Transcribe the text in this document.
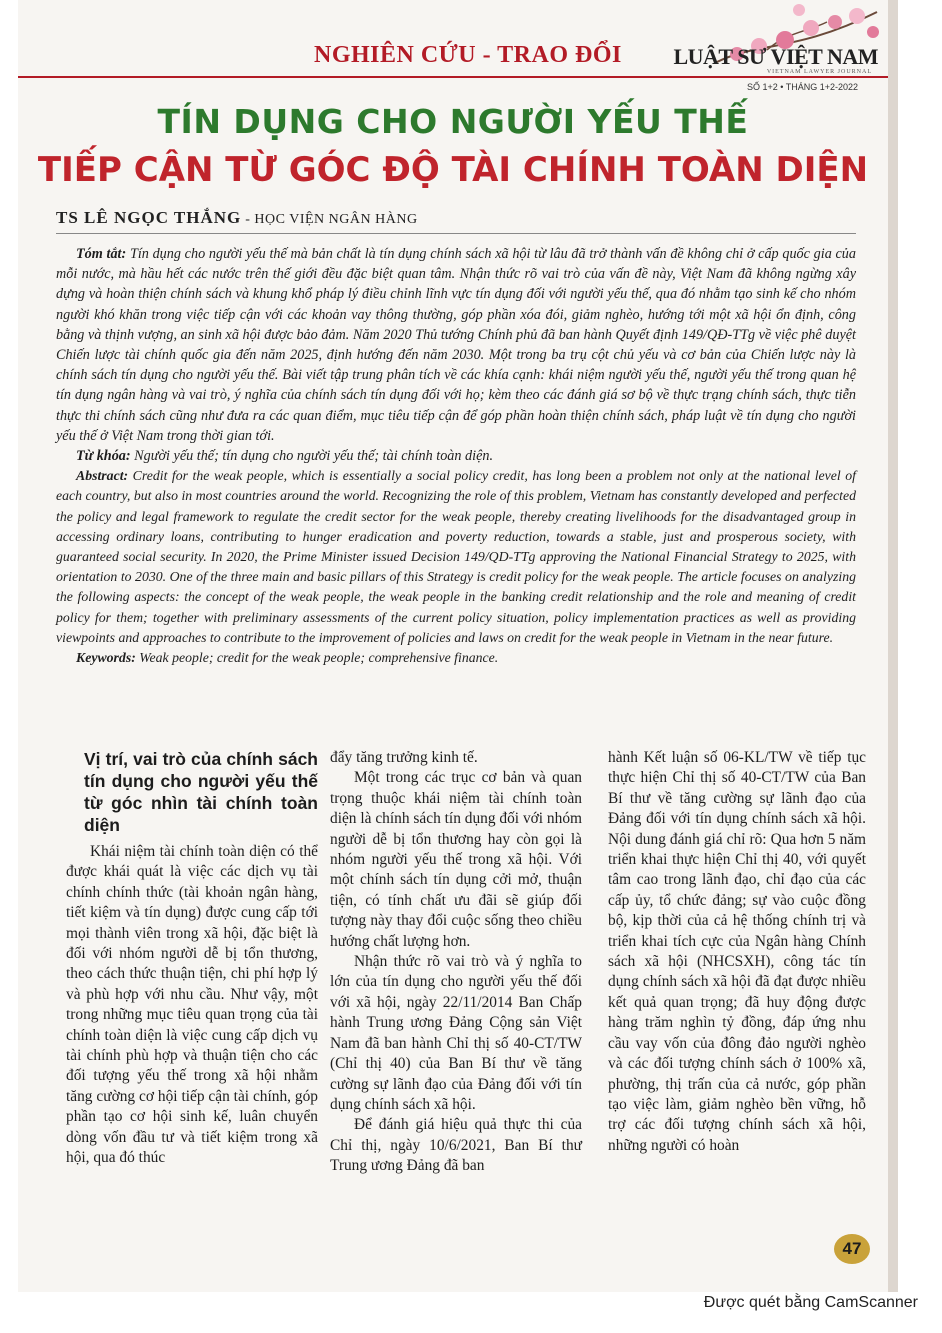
NGHIÊN CỨU - TRAO ĐỔI LUẬT SƯ VIỆT NAM
VIETNAM LAWYER JOURNAL
SỐ 1+2 • THÁNG 1+2-2022
TÍN DỤNG CHO NGƯỜI YẾU THẾ
TIẾP CẬN TỪ GÓC ĐỘ TÀI CHÍNH TOÀN DIỆN
TS LÊ NGỌC THẮNG - HỌC VIỆN NGÂN HÀNG

Tóm tắt: Tín dụng cho người yếu thế mà bản chất là tín dụng chính sách xã hội từ lâu đã trở thành vấn đề không chỉ ở cấp quốc gia của mỗi nước, mà hầu hết các nước trên thế giới đều đặc biệt quan tâm. Nhận thức rõ vai trò của vấn đề này, Việt Nam đã không ngừng xây dựng và hoàn thiện chính sách và khung khổ pháp lý điều chỉnh lĩnh vực tín dụng đối với người yếu thế, qua đó nhằm tạo sinh kế cho nhóm người khó khăn trong việc tiếp cận với các khoản vay thông thường, góp phần xóa đói, giảm nghèo, hướng tới một xã hội ổn định, công bằng và thịnh vượng, an sinh xã hội được bảo đảm. Năm 2020 Thủ tướng Chính phủ đã ban hành Quyết định 149/QĐ-TTg về việc phê duyệt Chiến lược tài chính quốc gia đến năm 2025, định hướng đến năm 2030. Một trong ba trụ cột chủ yếu và cơ bản của Chiến lược này là chính sách tín dụng cho người yếu thế. Bài viết tập trung phân tích về các khía cạnh: khái niệm người yếu thế, người yếu thế trong quan hệ tín dụng ngân hàng và vai trò, ý nghĩa của chính sách tín dụng đối với họ; kèm theo các đánh giá sơ bộ về thực trạng chính sách, thực tiễn thực thi chính sách cũng như đưa ra các quan điểm, mục tiêu tiếp cận để góp phần hoàn thiện chính sách, pháp luật về tín dụng cho người yếu thế ở Việt Nam trong thời gian tới.

Từ khóa: Người yếu thế; tín dụng cho người yếu thế; tài chính toàn diện.

Abstract: Credit for the weak people, which is essentially a social policy credit, has long been a problem not only at the national level of each country, but also in most countries around the world. Recognizing the role of this problem, Vietnam has constantly developed and perfected the policy and legal framework to regulate the credit sector for the weak people, thereby creating livelihoods for the disadvantaged group in accessing ordinary loans, contributing to hunger eradication and poverty reduction, towards a stable, just and prosperous society, with guaranteed social security. In 2020, the Prime Minister issued Decision 149/QD-TTg approving the National Financial Strategy to 2025, with orientation to 2030. One of the three main and basic pillars of this Strategy is credit policy for the weak people. The article focuses on analyzing the following aspects: the concept of the weak people, the weak people in the banking credit relationship and the role and meaning of credit policy for them; together with preliminary assessments of the current policy situation, policy implementation practices as well as providing viewpoints and approaches to contribute to the improvement of policies and laws on credit for the weak people in Vietnam in the near future.

Keywords: Weak people; credit for the weak people; comprehensive finance.

Vị trí, vai trò của chính sách tín dụng cho người yếu thế từ góc nhìn tài chính toàn diện

Khái niệm tài chính toàn diện có thể được khái quát là việc các dịch vụ tài chính chính thức (tài khoản ngân hàng, tiết kiệm và tín dụng) được cung cấp tới mọi thành viên trong xã hội, đặc biệt là đối với nhóm người dễ bị tổn thương, theo cách thức thuận tiện, chi phí hợp lý và phù hợp với nhu cầu. Như vậy, một trong những mục tiêu quan trọng của tài chính toàn diện là việc cung cấp dịch vụ tài chính phù hợp và thuận tiện cho các đối tượng yếu thế trong xã hội nhằm tăng cường cơ hội tiếp cận tài chính, góp phần tạo cơ hội sinh kế, luân chuyển dòng vốn đầu tư và tiết kiệm trong xã hội, qua đó thúc

đẩy tăng trưởng kinh tế.

Một trong các trục cơ bản và quan trọng thuộc khái niệm tài chính toàn diện là chính sách tín dụng đối với nhóm người dễ bị tổn thương hay còn gọi là nhóm người yếu thế trong xã hội. Với một chính sách tín dụng cởi mở, thuận tiện, có tính chất ưu đãi sẽ giúp đối tượng này thay đổi cuộc sống theo chiều hướng chất lượng hơn.

Nhận thức rõ vai trò và ý nghĩa to lớn của tín dụng cho người yếu thế đối với xã hội, ngày 22/11/2014 Ban Chấp hành Trung ương Đảng Cộng sản Việt Nam đã ban hành Chỉ thị số 40-CT/TW (Chỉ thị 40) của Ban Bí thư về tăng cường sự lãnh đạo của Đảng đối với tín dụng chính sách xã hội.

Để đánh giá hiệu quả thực thi của Chỉ thị, ngày 10/6/2021, Ban Bí thư Trung ương Đảng đã ban

hành Kết luận số 06-KL/TW về tiếp tục thực hiện Chỉ thị số 40-CT/TW của Ban Bí thư về tăng cường sự lãnh đạo của Đảng đối với tín dụng chính sách xã hội. Nội dung đánh giá chỉ rõ: Qua hơn 5 năm triển khai thực hiện Chỉ thị 40, với quyết tâm cao trong lãnh đạo, chỉ đạo của các cấp ủy, tổ chức đảng; sự vào cuộc đồng bộ, kịp thời của cả hệ thống chính trị và triển khai tích cực của Ngân hàng Chính sách xã hội (NHCSXH), công tác tín dụng chính sách xã hội đã đạt được nhiều kết quả quan trọng; đã huy động được hàng trăm nghìn tỷ đồng, đáp ứng nhu cầu vay vốn của đông đảo người nghèo và các đối tượng chính sách ở 100% xã, phường, thị trấn của cả nước, góp phần tạo việc làm, giảm nghèo bền vững, hỗ trợ các đối tượng chính sách xã hội, những người có hoàn

47
Được quét bằng CamScanner
